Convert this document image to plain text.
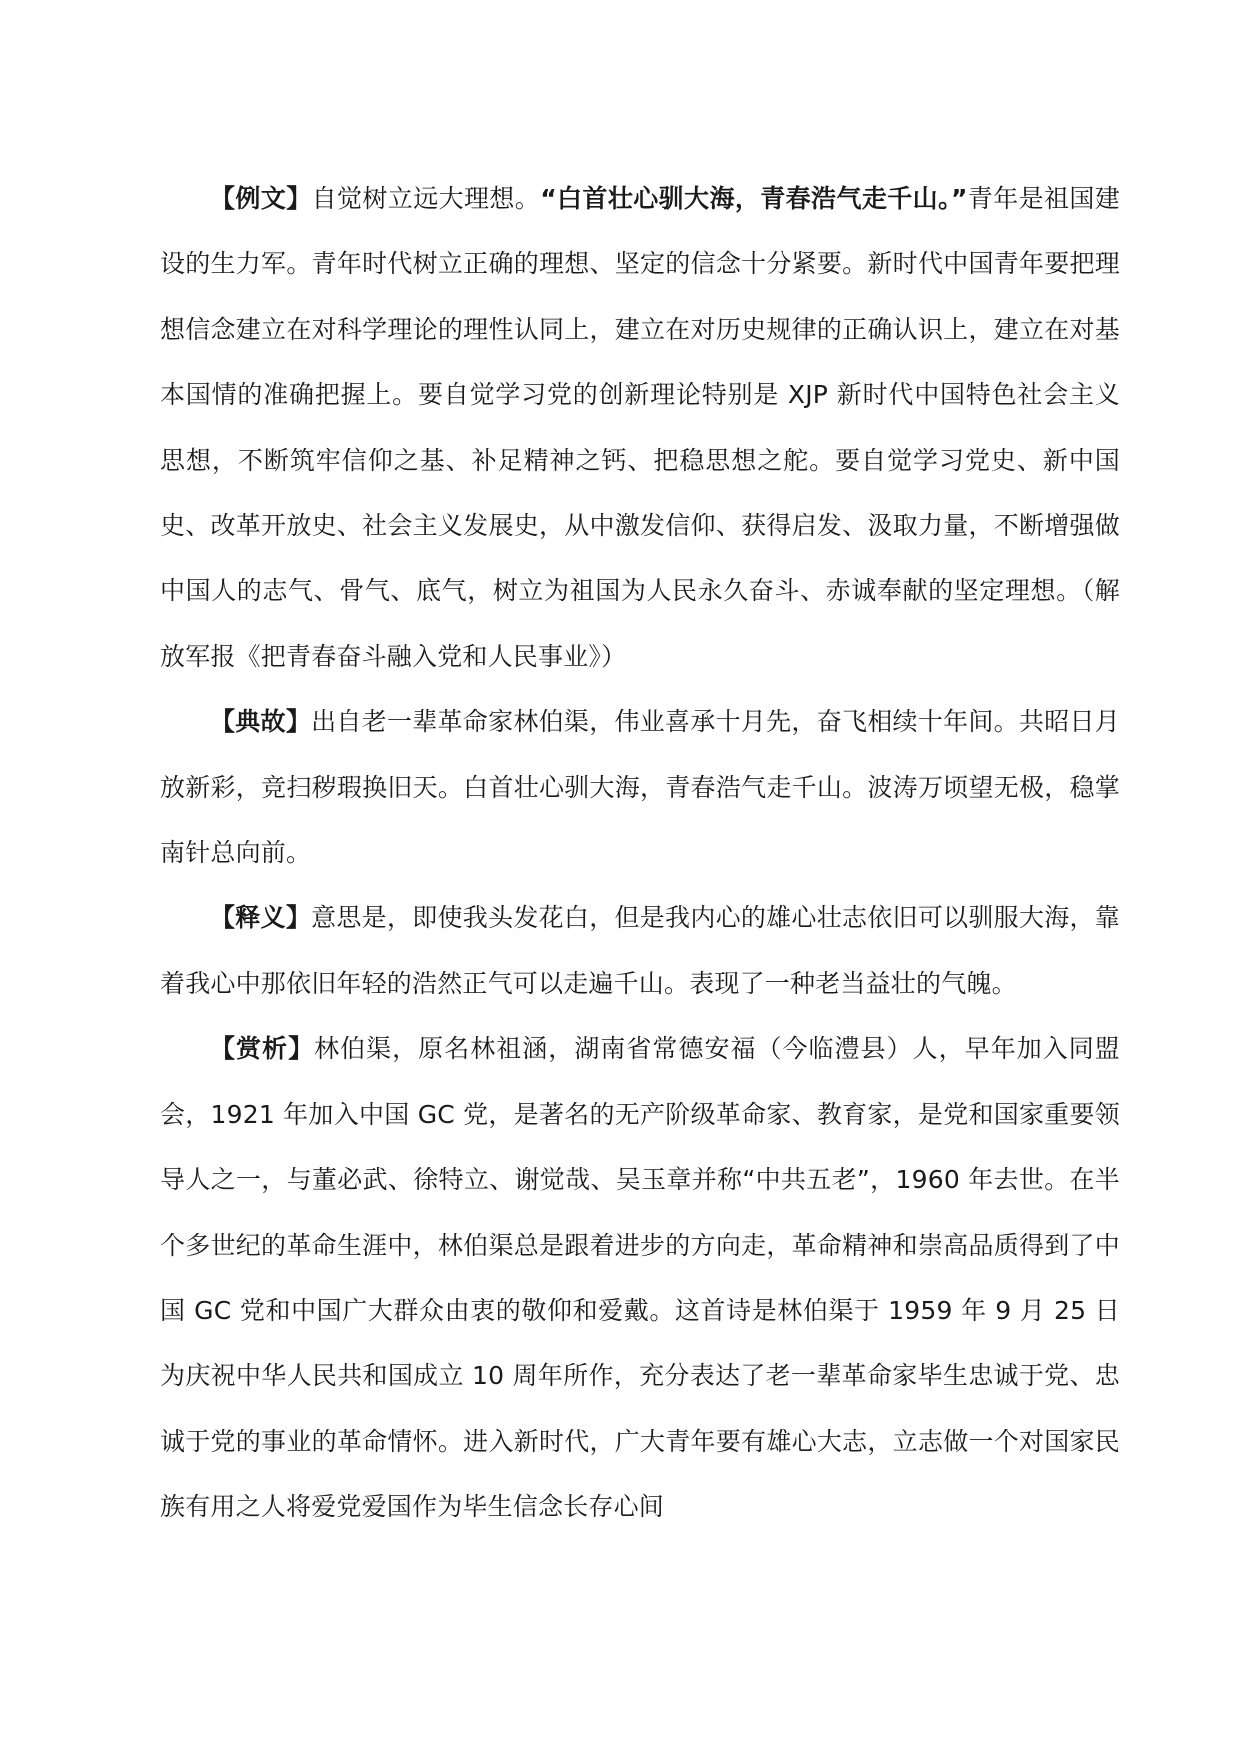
【例文】自觉树立远大理想。“白首壮心驯大海，青春浩气走千山。”青年是祖国建设的生力军。青年时代树立正确的理想、坚定的信念十分紧要。新时代中国青年要把理想信念建立在对科学理论的理性认同上，建立在对历史规律的正确认识上，建立在对基本国情的准确把握上。要自觉学习党的创新理论特别是 XJP 新时代中国特色社会主义思想，不断筑牢信仰之基、补足精神之钙、把稳思想之舵。要自觉学习党史、新中国史、改革开放史、社会主义发展史，从中激发信仰、获得启发、汲取力量，不断增强做中国人的志气、骨气、底气，树立为祖国为人民永久奋斗、赤诚奉献的坚定理想。（解放军报《把青春奋斗融入党和人民事业》）

【典故】出自老一辈革命家林伯渠，伟业喜承十月先，奋飞相续十年间。共昭日月放新彩，竞扫秽瑕换旧天。白首壮心驯大海，青春浩气走千山。波涛万顷望无极，稳掌南针总向前。

【释义】意思是，即使我头发花白，但是我内心的雄心壮志依旧可以驯服大海，靠着我心中那依旧年轻的浩然正气可以走遍千山。表现了一种老当益壮的气魄。

【赏析】林伯渠，原名林祖涵，湖南省常德安福（今临澧县）人，早年加入同盟会，1921 年加入中国 GC 党，是著名的无产阶级革命家、教育家，是党和国家重要领导人之一，与董必武、徐特立、谢觉哉、吴玉章并称“中共五老”，1960 年去世。在半个多世纪的革命生涯中，林伯渠总是跟着进步的方向走，革命精神和崇高品质得到了中国 GC 党和中国广大群众由衷的敬仰和爱戴。这首诗是林伯渠于 1959 年 9 月 25 日为庆祝中华人民共和国成立 10 周年所作，充分表达了老一辈革命家毕生忠诚于党、忠诚于党的事业的革命情怀。进入新时代，广大青年要有雄心大志，立志做一个对国家民族有用之人将爱党爱国作为毕生信念长存心间
